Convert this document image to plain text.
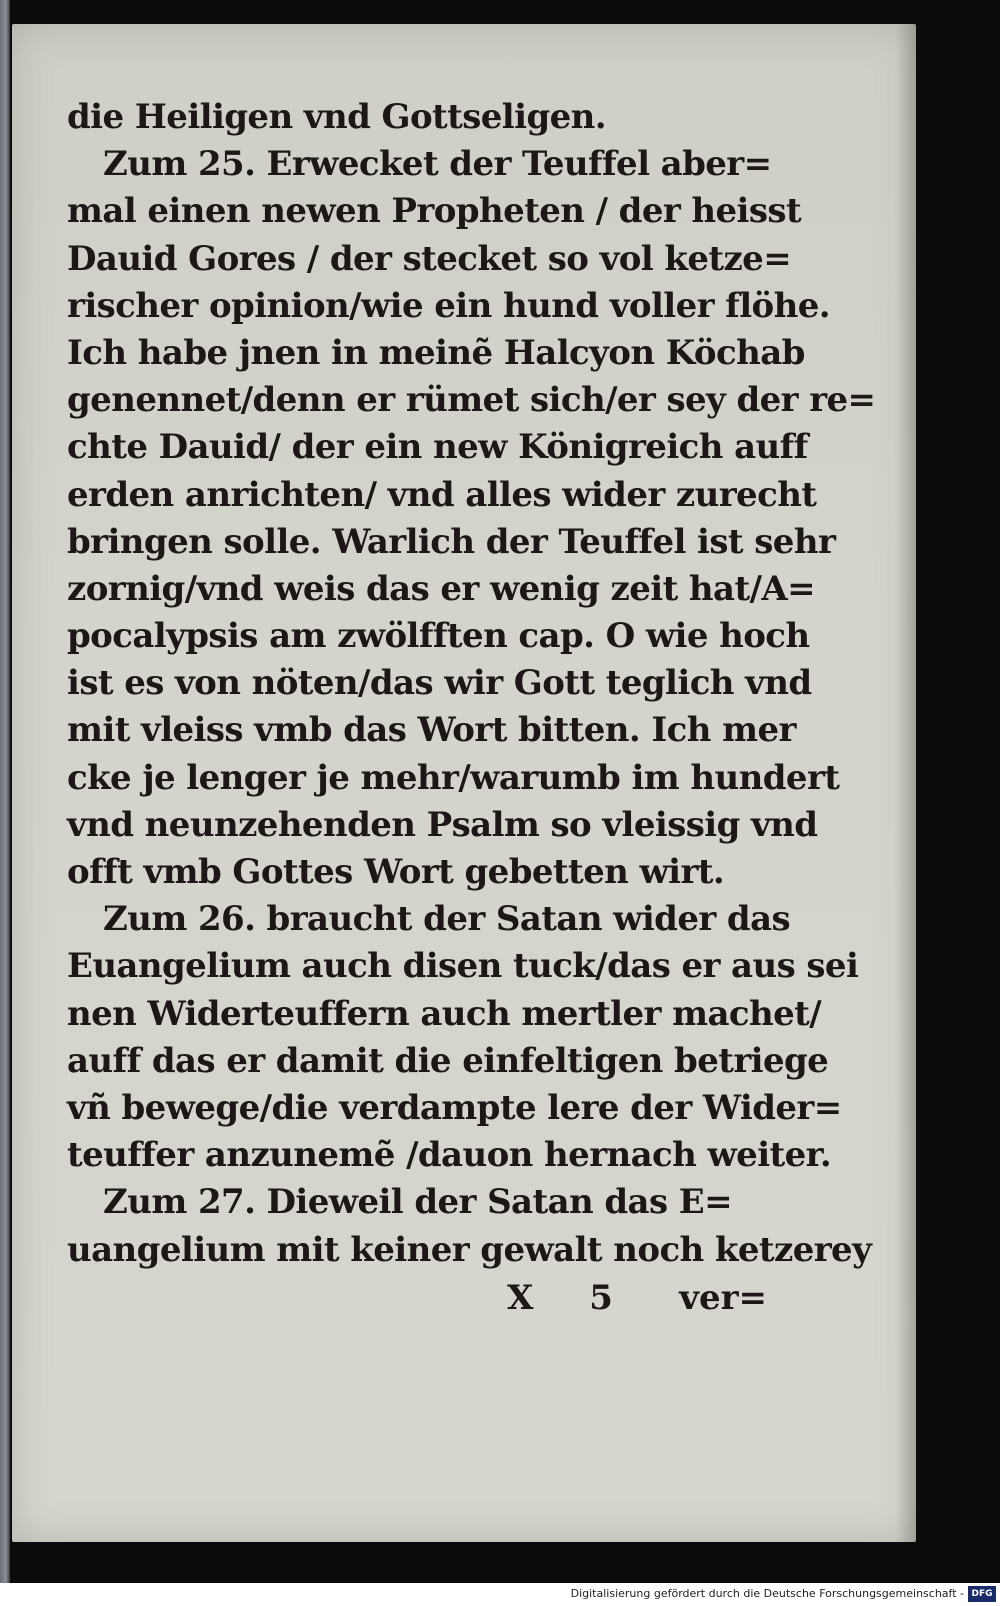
die Heiligen vnd Gottseligen.
Zum 25. Erwecket der Teuffel aber=
mal einen newen Propheten / der heisst
Dauid Gores / der stecket so vol ketze=
rischer opinion/wie ein hund voller flöhe.
Ich habe jnen in meinẽ Halcyon Köchab
genennet/denn er rümet sich/er sey der re=
chte Dauid/ der ein new Königreich auff
erden anrichten/ vnd alles wider zurecht
bringen solle. Warlich der Teuffel ist sehr
zornig/vnd weis das er wenig zeit hat/A=
pocalypsis am zwölfften cap. O wie hoch
ist es von nöten/das wir Gott teglich vnd
mit vleiss vmb das Wort bitten. Ich mer
cke je lenger je mehr/warumb im hundert
vnd neunzehenden Psalm so vleissig vnd
offt vmb Gottes Wort gebetten wirt.
Zum 26. braucht der Satan wider das
Euangelium auch disen tuck/das er aus sei
nen Widerteuffern auch mertler machet/
auff das er damit die einfeltigen betriege
vñ bewege/die verdampte lere der Wider=
teuffer anzunemẽ /dauon hernach weiter.
Zum 27. Dieweil der Satan das E=
uangelium mit keiner gewalt noch ketzerey
X 5 ver=
Digitalisierung gefördert durch die Deutsche Forschungsgemeinschaft - DFG
